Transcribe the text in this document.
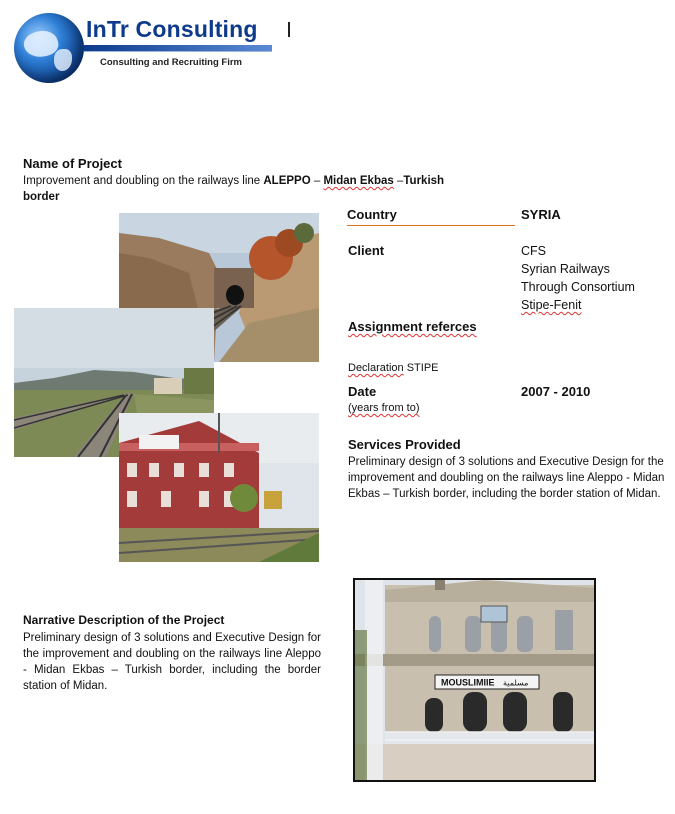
InTr Consulting
Consulting and Recruiting Firm
Name of Project
Improvement and doubling on the railways line ALEPPO – Midan Ekbas –Turkish border
Country	SYRIA
Client	CFS
Syrian Railways
Through Consortium
Stipe-Fenit
Assignment referces
Declaration STIPE
Date
(years from to)
2007 - 2010
Services Provided
Preliminary design of 3 solutions and Executive Design for the improvement and doubling on the railways line Aleppo - Midan Ekbas – Turkish border, including the border station of Midan.
Narrative Description of the Project
Preliminary design of 3 solutions and Executive Design for the improvement and doubling on the railways line Aleppo - Midan Ekbas – Turkish border, including the border station of Midan.	MOUSLIMIIE مسلمية
